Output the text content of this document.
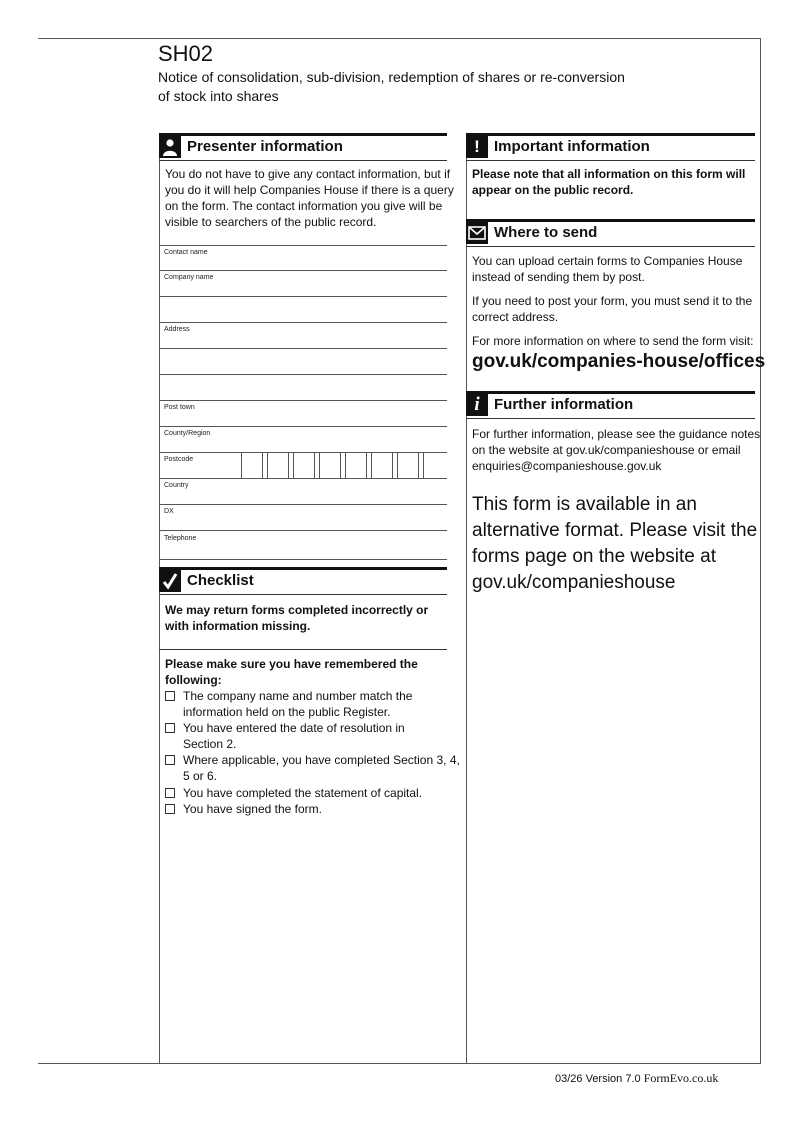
SH02
Notice of consolidation, sub-division, redemption of shares or re-conversion
of stock into shares
Presenter information
You do not have to give any contact information, but if
you do it will help Companies House if there is a query
on the form. The contact information you give will be
visible to searchers of the public record.
Contact name
Company name
Address
Post town
County/Region
Postcode
Country
DX
Telephone
Checklist
We may return forms completed incorrectly or
with information missing.
Please make sure you have remembered the
following:
The company name and number match the
information held on the public Register.
You have entered the date of resolution in
Section 2.
Where applicable, you have completed Section 3, 4,
5 or 6.
You have completed the statement of capital.
You have signed the form.
! Important information
Please note that all information on this form will
appear on the public record.
Where to send
You can upload certain forms to Companies House
instead of sending them by post.
If you need to post your form, you must send it to the
correct address.
For more information on where to send the form visit:
gov.uk/companies-house/offices
i Further information
For further information, please see the guidance notes
on the website at gov.uk/companieshouse or email
enquiries@companieshouse.gov.uk
This form is available in an
alternative format. Please visit the
forms page on the website at
gov.uk/companieshouse
03/26 Version 7.0 FormEvo.co.uk
